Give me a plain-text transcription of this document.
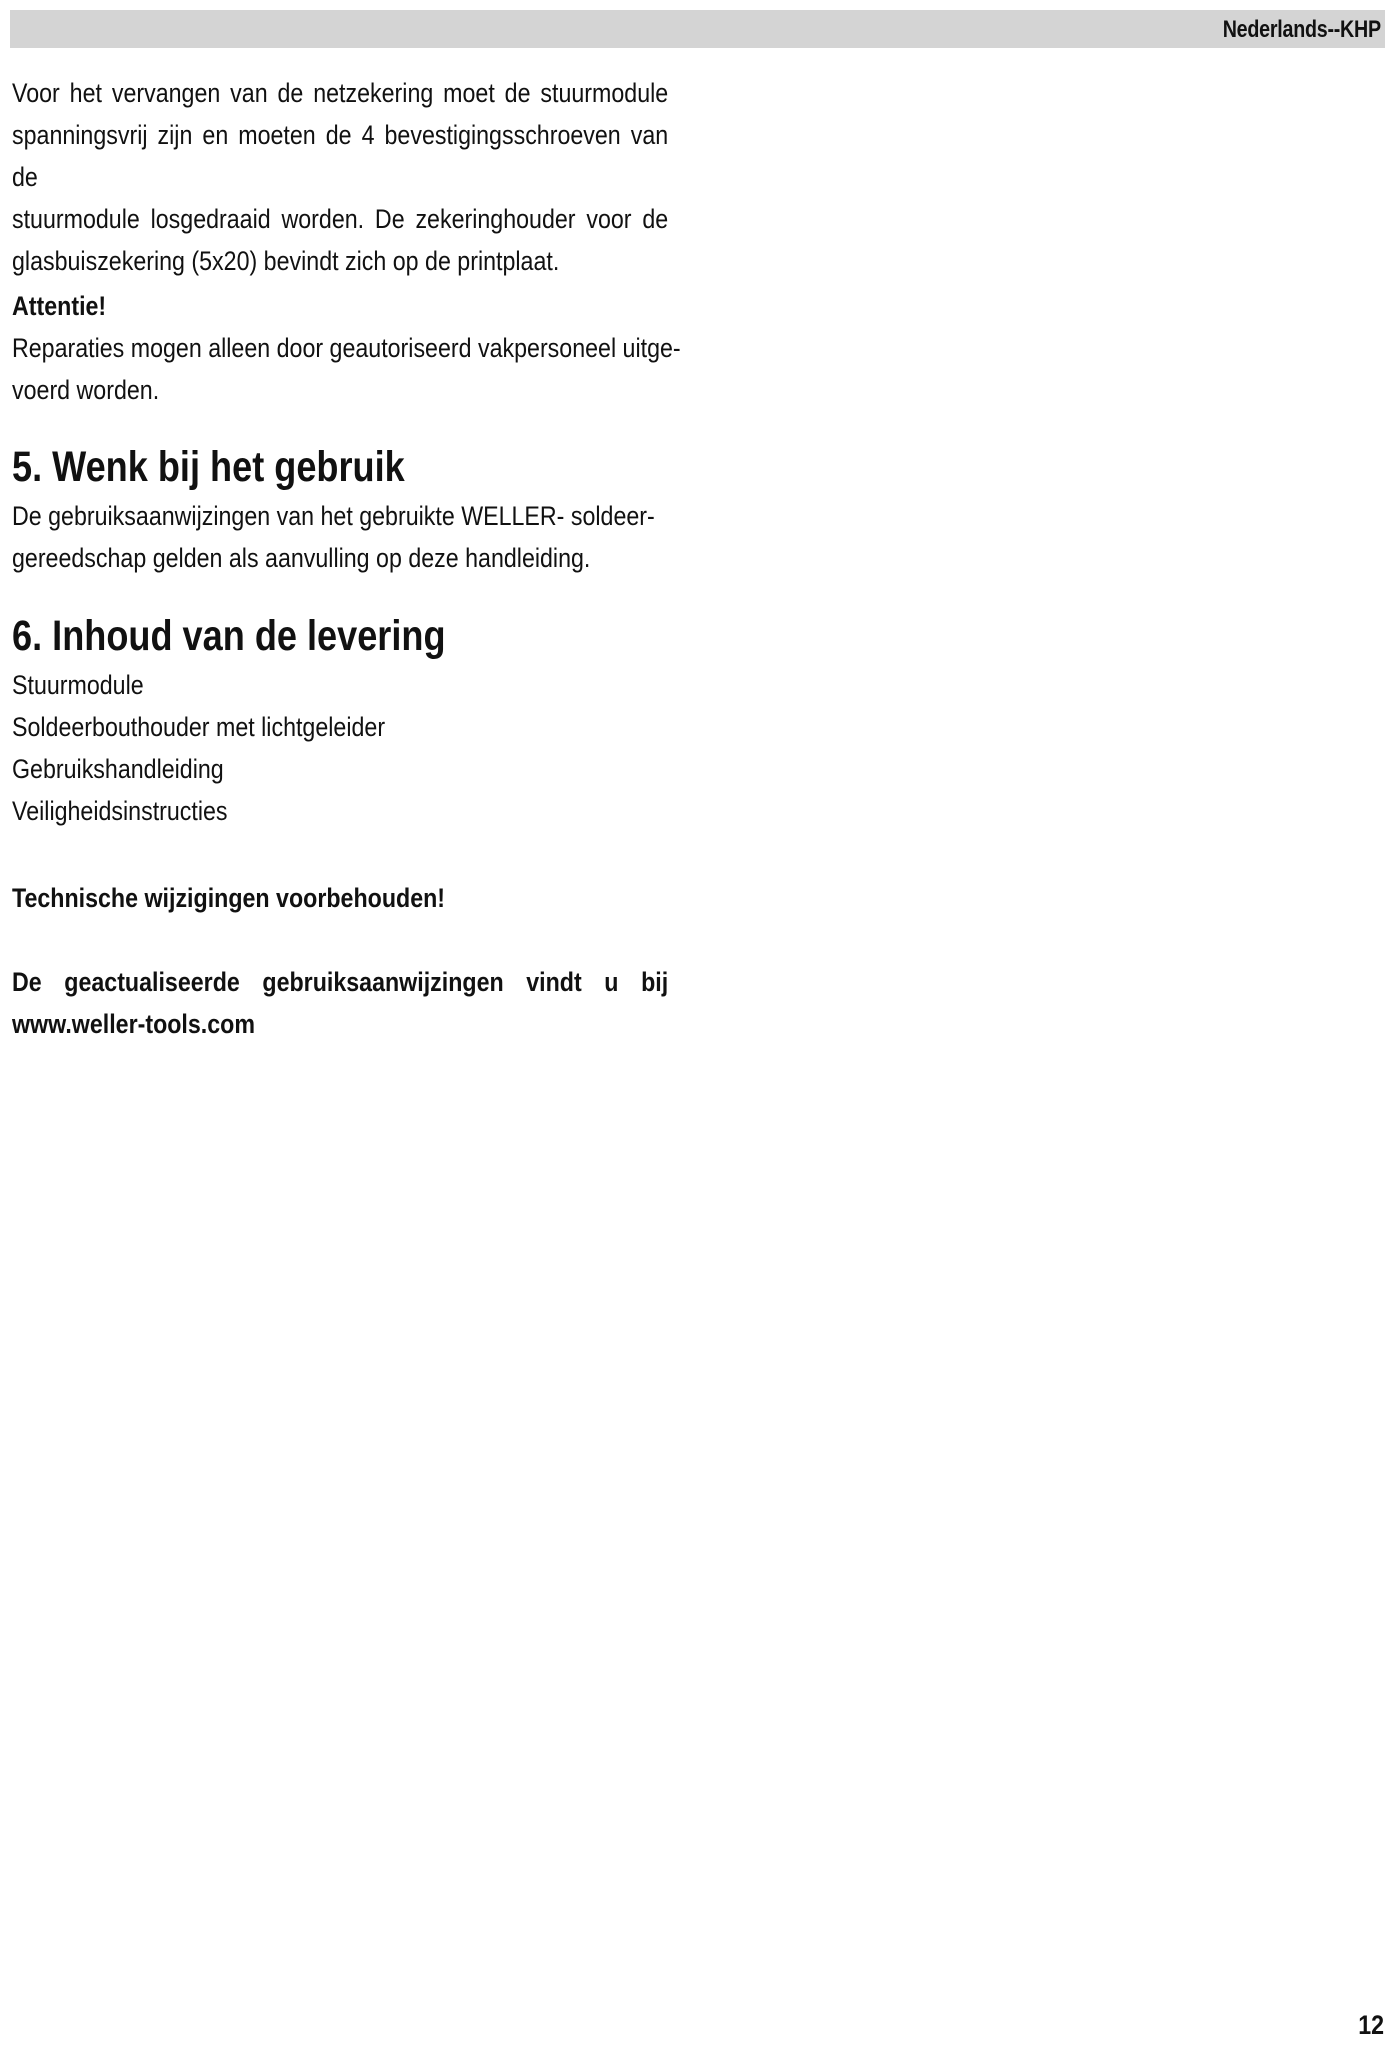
Nederlands--KHP
Voor het vervangen van de netzekering moet de stuurmodule
spanningsvrij zijn en moeten de 4 bevestigingsschroeven van de
stuurmodule losgedraaid worden. De zekeringhouder voor de
glasbuiszekering (5x20) bevindt zich op de printplaat.
Attentie!
Reparaties mogen alleen door geautoriseerd vakpersoneel uitge-
voerd worden.
5. Wenk bij het gebruik
De gebruiksaanwijzingen van het gebruikte WELLER- soldeer-
gereedschap gelden als aanvulling op deze handleiding.
6. Inhoud van de levering
Stuurmodule
Soldeerbouthouder met lichtgeleider
Gebruikshandleiding
Veiligheidsinstructies
Technische wijzigingen voorbehouden!
De geactualiseerde gebruiksaanwijzingen vindt u bij
www.weller-tools.com
12
